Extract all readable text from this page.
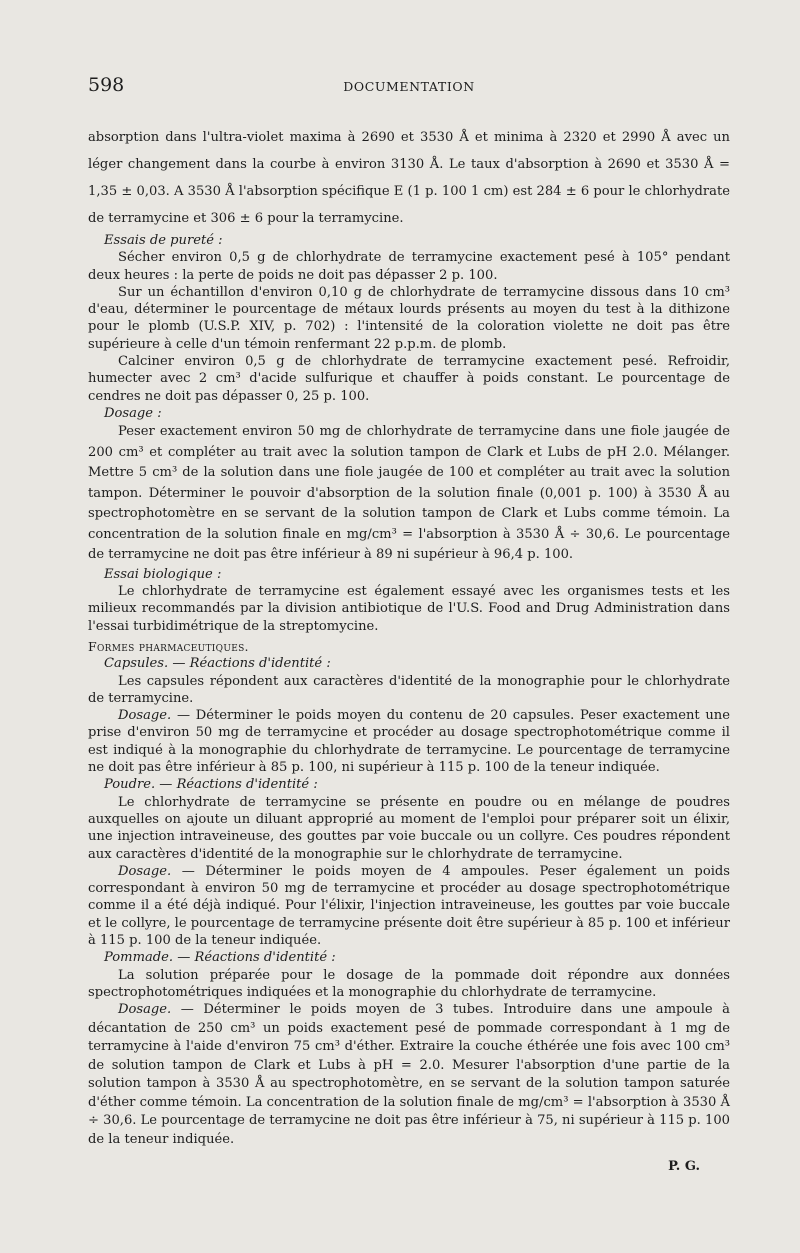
598	DOCUMENTATION

absorption dans l'ultra-violet maxima à 2690 et 3530 Å et minima à 2320 et 2990 Å avec un léger changement dans la courbe à environ 3130 Å. Le taux d'absorption à 2690 et 3530 Å = 1,35 ± 0,03. A 3530 Å l'absorption spécifique E (1 p. 100 1 cm) est 284 ± 6 pour le chlorhydrate de terramycine et 306 ± 6 pour la terramycine.

Essais de pureté :

Sécher environ 0,5 g de chlorhydrate de terramycine exactement pesé à 105° pendant deux heures : la perte de poids ne doit pas dépasser 2 p. 100.

Sur un échantillon d'environ 0,10 g de chlorhydrate de terramycine dissous dans 10 cm³ d'eau, déterminer le pourcentage de métaux lourds présents au moyen du test à la dithizone pour le plomb (U.S.P. XIV, p. 702) : l'intensité de la coloration violette ne doit pas être supérieure à celle d'un témoin renfermant 22 p.p.m. de plomb.

Calciner environ 0,5 g de chlorhydrate de terramycine exactement pesé. Refroidir, humecter avec 2 cm³ d'acide sulfurique et chauffer à poids constant. Le pourcentage de cendres ne doit pas dépasser 0, 25 p. 100.

Dosage :

Peser exactement environ 50 mg de chlorhydrate de terramycine dans une fiole jaugée de 200 cm³ et compléter au trait avec la solution tampon de Clark et Lubs de pH 2.0. Mélanger. Mettre 5 cm³ de la solution dans une fiole jaugée de 100 et compléter au trait avec la solution tampon. Déterminer le pouvoir d'absorption de la solution finale (0,001 p. 100) à 3530 Å au spectrophotomètre en se servant de la solution tampon de Clark et Lubs comme témoin. La concentration de la solution finale en mg/cm³ = l'absorption à 3530 Å ÷ 30,6. Le pourcentage de terramycine ne doit pas être inférieur à 89 ni supérieur à 96,4 p. 100.

Essai biologique :

Le chlorhydrate de terramycine est également essayé avec les organismes tests et les milieux recommandés par la division antibiotique de l'U.S. Food and Drug Administration dans l'essai turbidimétrique de la streptomycine.

Formes pharmaceutiques.
Capsules. — Réactions d'identité :

Les capsules répondent aux caractères d'identité de la monographie pour le chlorhydrate de terramycine.

Dosage. — Déterminer le poids moyen du contenu de 20 capsules. Peser exactement une prise d'environ 50 mg de terramycine et procéder au dosage spectrophotométrique comme il est indiqué à la monographie du chlorhydrate de terramycine. Le pourcentage de terramycine ne doit pas être inférieur à 85 p. 100, ni supérieur à 115 p. 100 de la teneur indiquée.

Poudre. — Réactions d'identité :

Le chlorhydrate de terramycine se présente en poudre ou en mélange de poudres auxquelles on ajoute un diluant approprié au moment de l'emploi pour préparer soit un élixir, une injection intraveineuse, des gouttes par voie buccale ou un collyre. Ces poudres répondent aux caractères d'identité de la monographie sur le chlorhydrate de terramycine.

Dosage. — Déterminer le poids moyen de 4 ampoules. Peser également un poids correspondant à environ 50 mg de terramycine et procéder au dosage spectrophotométrique comme il a été déjà indiqué. Pour l'élixir, l'injection intraveineuse, les gouttes par voie buccale et le collyre, le pourcentage de terramycine présente doit être supérieur à 85 p. 100 et inférieur à 115 p. 100 de la teneur indiquée.

Pommade. — Réactions d'identité :

La solution préparée pour le dosage de la pommade doit répondre aux données spectrophotométriques indiquées et la monographie du chlorhydrate de terramycine.

Dosage. — Déterminer le poids moyen de 3 tubes. Introduire dans une ampoule à décantation de 250 cm³ un poids exactement pesé de pommade correspondant à 1 mg de terramycine à l'aide d'environ 75 cm³ d'éther. Extraire la couche éthérée une fois avec 100 cm³ de solution tampon de Clark et Lubs à pH = 2.0. Mesurer l'absorption d'une partie de la solution tampon à 3530 Å au spectrophotomètre, en se servant de la solution tampon saturée d'éther comme témoin. La concentration de la solution finale de mg/cm³ = l'absorption à 3530 Å ÷ 30,6. Le pourcentage de terramycine ne doit pas être inférieur à 75, ni supérieur à 115 p. 100 de la teneur indiquée.

P. G.
